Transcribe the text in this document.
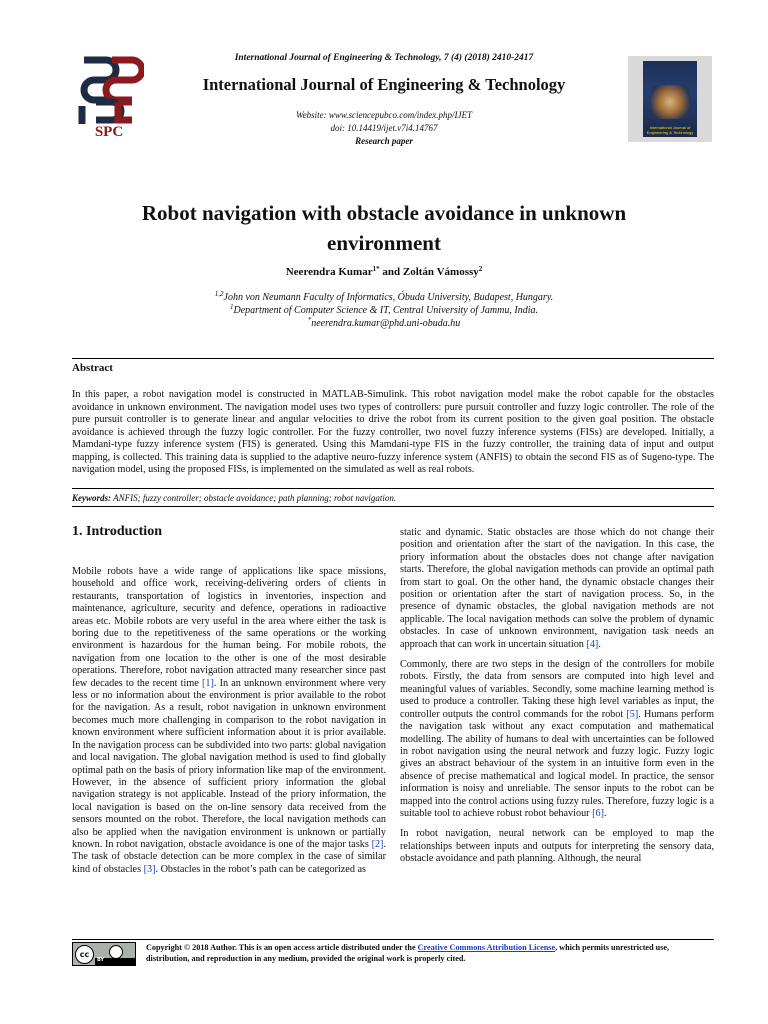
SPC	International Journal of Engineering & Technology
International Journal of Engineering & Technology, 7 (4) (2018) 2410-2417
International Journal of Engineering & Technology
Website: www.sciencepubco.com/index.php/IJET
doi: 10.14419/ijet.v7i4.14767
Research paper
Robot navigation with obstacle avoidance in unknown environment
Neerendra Kumar$^{1*}$ and Zoltán Vámossy$^2$
$^{1,2}$John von Neumann Faculty of Informatics, Óbuda University, Budapest, Hungary.
$^1$Department of Computer Science & IT, Central University of Jammu, India.
*neerendra.kumar@phd.uni-obuda.hu
Abstract
In this paper, a robot navigation model is constructed in MATLAB-Simulink. This robot navigation model make the robot capable for the obstacles avoidance in unknown environment. The navigation model uses two types of controllers: pure pursuit controller and fuzzy logic controller. The role of the pure pursuit controller is to generate linear and angular velocities to drive the robot from its current position to the given goal position. The obstacle avoidance is achieved through the fuzzy logic controller. For the fuzzy controller, two novel fuzzy inference systems (FISs) are developed. Initially, a Mamdani-type fuzzy inference system (FIS) is generated. Using this Mamdani-type FIS in the fuzzy controller, the training data of input and output mapping, is collected. This training data is supplied to the adaptive neuro-fuzzy inference system (ANFIS) to obtain the second FIS as of Sugeno-type. The navigation model, using the proposed FISs, is implemented on the simulated as well as real robots.
Keywords: ANFIS; fuzzy controller; obstacle avoidance; path planning; robot navigation.
1. Introduction

Mobile robots have a wide range of applications like space missions, household and office work, receiving-delivering orders of clients in restaurants, transportation of logistics in inventories, inspection and maintenance, agriculture, security and defence, operations in radioactive areas etc. Mobile robots are very useful in the area where either the task is boring due to the repetitiveness of the same operations or the working environment is hazardous for the human being. For mobile robots, the navigation from one location to the other is one of the most desirable operations. Therefore, robot navigation attracted many researcher since past few decades to the recent time [1]. In an unknown environment where very less or no information about the environment is prior available to the robot for the navigation. As a result, robot navigation in unknown environment becomes much more challenging in comparison to the robot navigation in known environment where sufficient information about it is prior available. In the navigation process can be subdivided into two parts: global navigation and local navigation. The global navigation method is used to find globally optimal path on the basis of priory information like map of the environment. However, in the absence of sufficient priory information the global navigation strategy is not applicable. Instead of the priory information, the local navigation is based on the on-line sensory data received from the sensors mounted on the robot. Therefore, the local navigation methods can also be applied when the navigation environment is unknown or partially known. In robot navigation, obstacle avoidance is one of the major tasks [2]. The task of obstacle detection can be more complex in the case of similar kind of obstacles [3]. Obstacles in the robot’s path can be categorized as

static and dynamic. Static obstacles are those which do not change their position and orientation after the start of the navigation. In this case, the priory information about the obstacles does not change after navigation starts. Therefore, the global navigation methods can provide an optimal path from start to goal. On the other hand, the dynamic obstacle changes their position or orientation after the start of navigation process. So, in the presence of dynamic obstacles, the global navigation methods are not applicable. The local navigation methods can solve the problem of dynamic obstacles. In case of unknown environment, navigation task needs an approach that can work in uncertain situation [4].

Commonly, there are two steps in the design of the controllers for mobile robots. Firstly, the data from sensors are computed into high level and meaningful values of variables. Secondly, some machine learning method is used to produce a controller. Taking these high level variables as input, the controller outputs the control commands for the robot [5]. Humans perform the navigation task without any exact computation and mathematical modelling. The ability of humans to deal with uncertainties can be followed in robot navigation using the neural network and fuzzy logic. Fuzzy logic gives an abstract behaviour of the system in an intuitive form even in the absence of precise mathematical and logical model. In practice, the sensor information is noisy and unreliable. The sensor inputs to the robot can be mapped into the control actions using fuzzy rules. Therefore, fuzzy logic is a suitable tool to achieve robust robot behaviour [6].

In robot navigation, neural network can be employed to map the relationships between inputs and outputs for interpreting the sensory data, obstacle avoidance and path planning. Although, the neural

cc
BY
Copyright © 2018 Author. This is an open access article distributed under the Creative Commons Attribution License, which permits unrestricted use, distribution, and reproduction in any medium, provided the original work is properly cited.
